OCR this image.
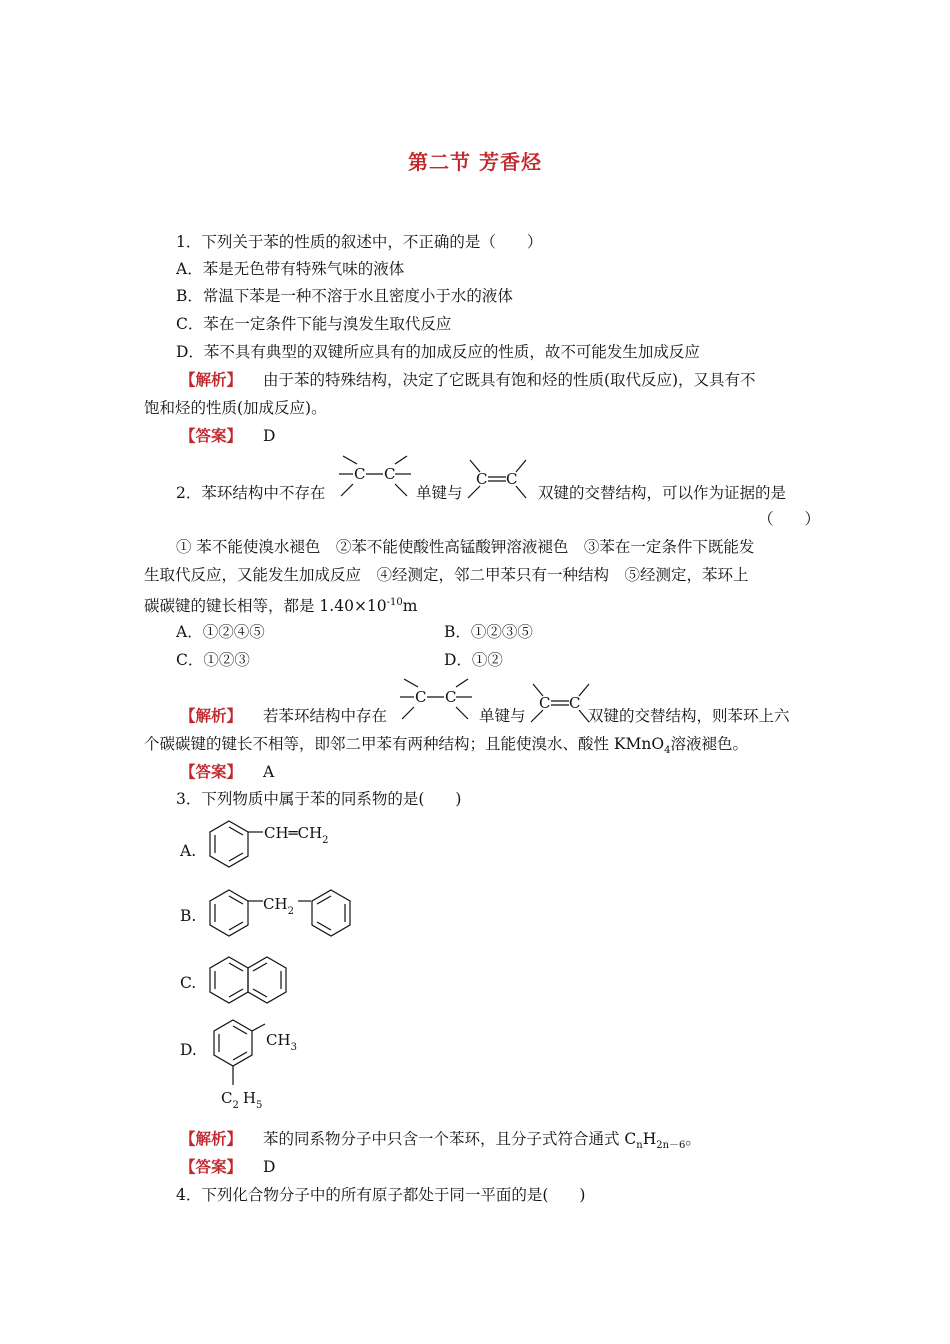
第二节 芳香烃
1．下列关于苯的性质的叙述中，不正确的是（　　）
A．苯是无色带有特殊气味的液体
B．常温下苯是一种不溶于水且密度小于水的液体
C．苯在一定条件下能与溴发生取代反应
D．苯不具有典型的双键所应具有的加成反应的性质，故不可能发生加成反应
【解析】 由于苯的特殊结构，决定了它既具有饱和烃的性质(取代反应)，又具有不
饱和烃的性质(加成反应)。
【答案】 D
2．苯环结构中不存在
C C
单键与
C C
双键的交替结构，可以作为证据的是
（　　）
① 苯不能使溴水褪色　②苯不能使酸性高锰酸钾溶液褪色　③苯在一定条件下既能发
生取代反应，又能发生加成反应　④经测定，邻二甲苯只有一种结构　⑤经测定，苯环上
碳碳键的键长相等，都是 $1.40\times 10^{-10}m$
A．①②④⑤	B．①②③⑤
C．①②③	D．①②
【解析】 若苯环结构中存在
C C
单键与
C C
双键的交替结构，则苯环上六
个碳碳键的键长不相等，即邻二甲苯有两种结构；且能使溴水、酸性 KMnO$_4$溶液褪色。
【答案】 A
3．下列物质中属于苯的同系物的是(　　)
A.
$CH═CH_2$
B.
$CH_2$
C.
D.
$CH_3$
$C_2$ $H_5$
【解析】 苯的同系物分子中只含一个苯环，且分子式符合通式 $C_nH_{2n-6}$。
【答案】 D
4．下列化合物分子中的所有原子都处于同一平面的是(　　)
